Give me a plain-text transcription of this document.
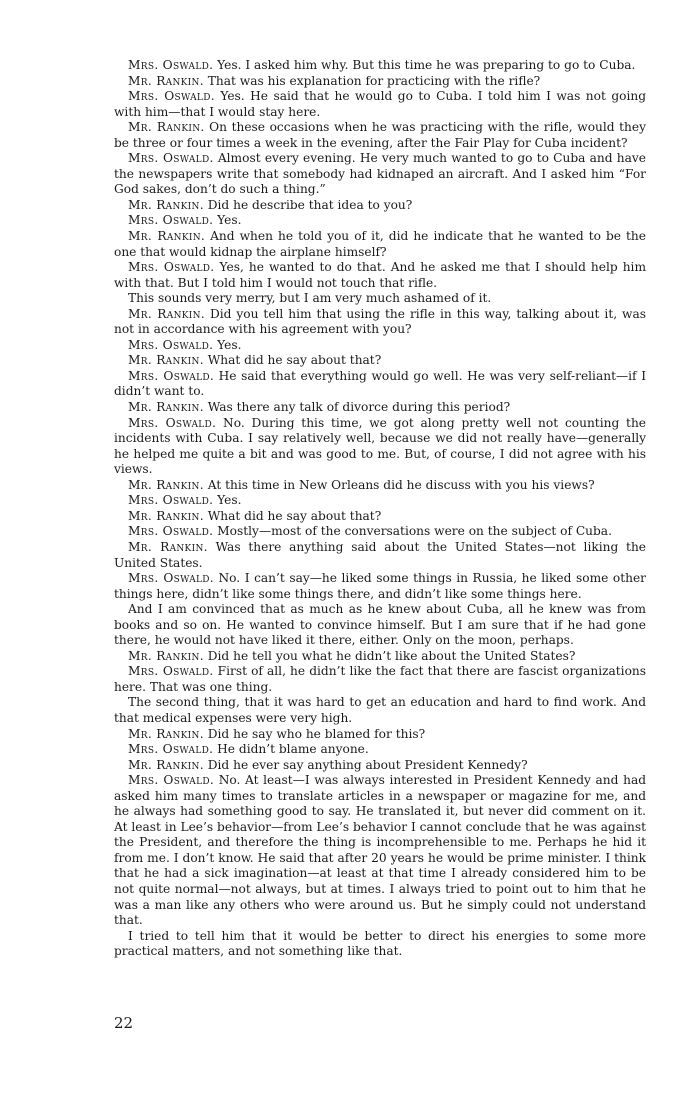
Mrs. Oswald. Yes. I asked him why. But this time he was preparing to go to Cuba.

Mr. Rankin. That was his explanation for practicing with the rifle?

Mrs. Oswald. Yes. He said that he would go to Cuba. I told him I was not going with him—that I would stay here.

Mr. Rankin. On these occasions when he was practicing with the rifle, would they be three or four times a week in the evening, after the Fair Play for Cuba incident?

Mrs. Oswald. Almost every evening. He very much wanted to go to Cuba and have the newspapers write that somebody had kidnaped an aircraft. And I asked him “For God sakes, don’t do such a thing.”

Mr. Rankin. Did he describe that idea to you?

Mrs. Oswald. Yes.

Mr. Rankin. And when he told you of it, did he indicate that he wanted to be the one that would kidnap the airplane himself?

Mrs. Oswald. Yes, he wanted to do that. And he asked me that I should help him with that. But I told him I would not touch that rifle.

This sounds very merry, but I am very much ashamed of it.

Mr. Rankin. Did you tell him that using the rifle in this way, talking about it, was not in accordance with his agreement with you?

Mrs. Oswald. Yes.

Mr. Rankin. What did he say about that?

Mrs. Oswald. He said that everything would go well. He was very self-reliant—if I didn’t want to.

Mr. Rankin. Was there any talk of divorce during this period?

Mrs. Oswald. No. During this time, we got along pretty well not counting the incidents with Cuba. I say relatively well, because we did not really have—generally he helped me quite a bit and was good to me. But, of course, I did not agree with his views.

Mr. Rankin. At this time in New Orleans did he discuss with you his views?

Mrs. Oswald. Yes.

Mr. Rankin. What did he say about that?

Mrs. Oswald. Mostly—most of the conversations were on the subject of Cuba.

Mr. Rankin. Was there anything said about the United States—not liking the United States.

Mrs. Oswald. No. I can’t say—he liked some things in Russia, he liked some other things here, didn’t like some things there, and didn’t like some things here.

And I am convinced that as much as he knew about Cuba, all he knew was from books and so on. He wanted to convince himself. But I am sure that if he had gone there, he would not have liked it there, either. Only on the moon, perhaps.

Mr. Rankin. Did he tell you what he didn’t like about the United States?

Mrs. Oswald. First of all, he didn’t like the fact that there are fascist organizations here. That was one thing.

The second thing, that it was hard to get an education and hard to find work. And that medical expenses were very high.

Mr. Rankin. Did he say who he blamed for this?

Mrs. Oswald. He didn’t blame anyone.

Mr. Rankin. Did he ever say anything about President Kennedy?

Mrs. Oswald. No. At least—I was always interested in President Kennedy and had asked him many times to translate articles in a newspaper or magazine for me, and he always had something good to say. He translated it, but never did comment on it. At least in Lee’s behavior—from Lee’s behavior I cannot conclude that he was against the President, and therefore the thing is incomprehensible to me. Perhaps he hid it from me. I don’t know. He said that after 20 years he would be prime minister. I think that he had a sick imagination—at least at that time I already considered him to be not quite normal—not always, but at times. I always tried to point out to him that he was a man like any others who were around us. But he simply could not understand that.

I tried to tell him that it would be better to direct his energies to some more practical matters, and not something like that.

22
